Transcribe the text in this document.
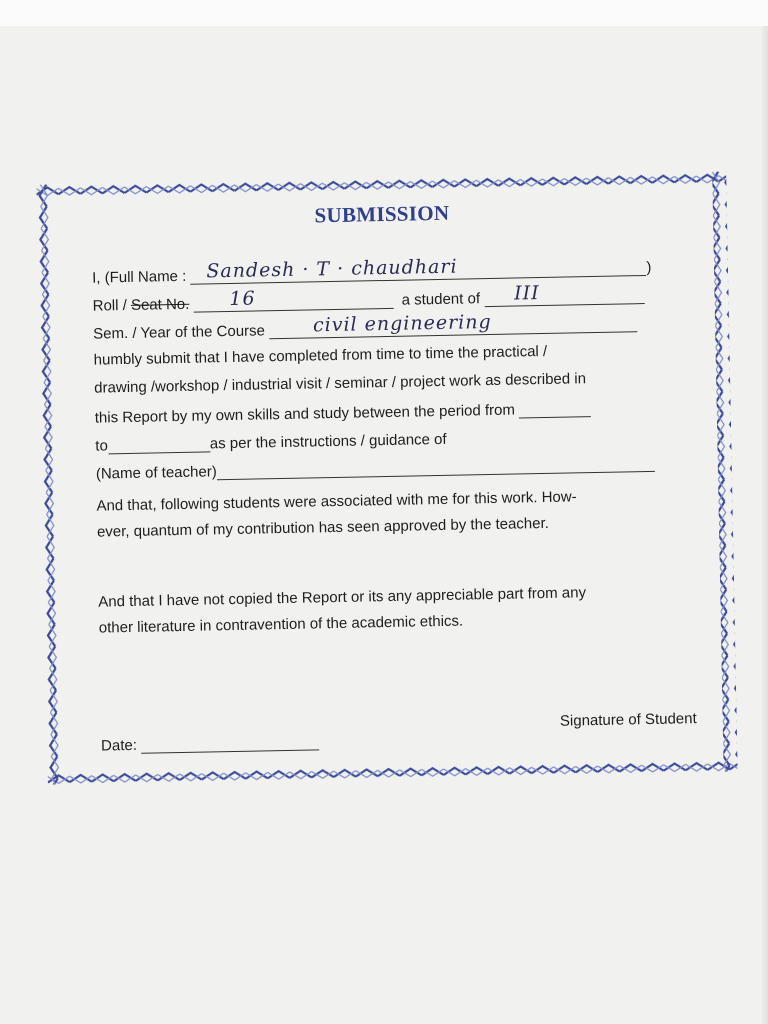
SUBMISSION
I, (Full Name : Sandesh · T · chaudhari	)
Roll / Seat No. 16	a student of III
Sem. / Year of the Course	civil engineering
humbly submit that I have completed from time to time the practical /
drawing /workshop / industrial visit / seminar / project work as described in
this Report by my own skills and study between the period from
to	as per the instructions / guidance of
(Name of teacher)
And that, following students were associated with me for this work. How-
ever, quantum of my contribution has seen approved by the teacher.
And that I have not copied the Report or its any appreciable part from any
other literature in contravention of the academic ethics.
Date:
Signature of Student
